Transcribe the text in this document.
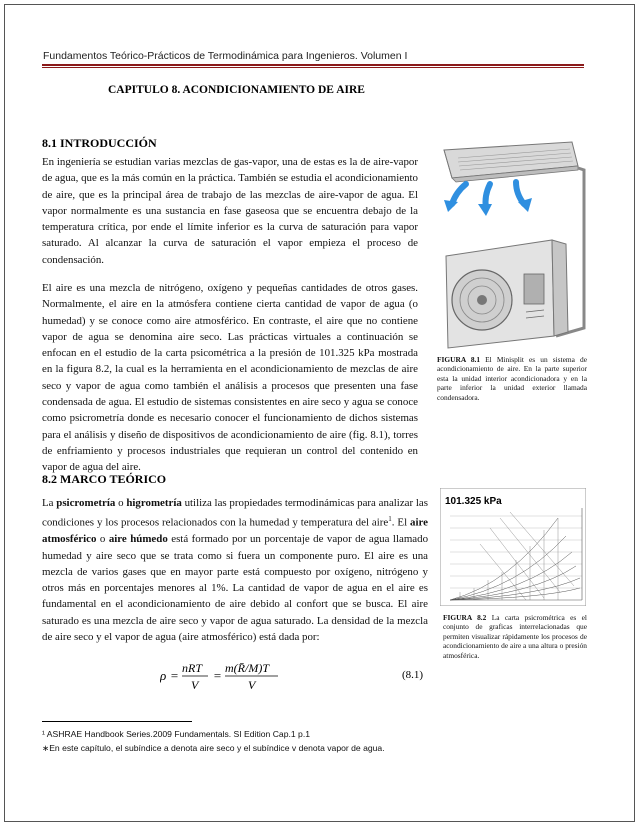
Fundamentos Teórico-Prácticos de Termodinámica para Ingenieros. Volumen I
CAPITULO 8. ACONDICIONAMIENTO DE AIRE
8.1 INTRODUCCIÓN

En ingeniería se estudian varias mezclas de gas-vapor, una de estas es la de aire-vapor de agua, que es la más común en la práctica. También se estudia el acondicionamiento de aire, que es la principal área de trabajo de las mezclas de aire-vapor de agua. El vapor normalmente es una sustancia en fase gaseosa que se encuentra debajo de la temperatura crítica, por ende el límite inferior es la curva de saturación para vapor saturado. Al alcanzar la curva de saturación el vapor empieza el proceso de condensación.

El aire es una mezcla de nitrógeno, oxígeno y pequeñas cantidades de otros gases. Normalmente, el aire en la atmósfera contiene cierta cantidad de vapor de agua (o humedad) y se conoce como aire atmosférico. En contraste, el aire que no contiene vapor de agua se denomina aire seco. Las prácticas virtuales a continuación se enfocan en el estudio de la carta psicométrica a la presión de 101.325 kPa mostrada en la figura 8.2, la cual es la herramienta en el acondicionamiento de mezclas de aire seco y vapor de agua como también el análisis a procesos que presenten una fase condensada de agua. El estudio de sistemas consistentes en aire seco y agua se conoce como psicrometría donde es necesario conocer el funcionamiento de dichos sistemas para el análisis y diseño de dispositivos de acondicionamiento de aire (fig. 8.1), torres de enfriamiento y procesos industriales que requieran un control del contenido en vapor de agua del aire.

FIGURA 8.1 El Minisplit es un sistema de acondicionamiento de aire. En la parte superior esta la unidad interior acondicionadora y en la parte inferior la unidad exterior llamada condensadora.

8.2 MARCO TEÓRICO

La psicrometría o higrometría utiliza las propiedades termodinámicas para analizar las condiciones y los procesos relacionados con la humedad y temperatura del aire$^1$. El aire atmosférico o aire húmedo está formado por un porcentaje de vapor de agua llamado humedad y aire seco que se trata como si fuera un componente puro. El aire es una mezcla de varios gases que en mayor parte está compuesto por oxígeno, nitrógeno y otros más en porcentajes menores al 1%. La cantidad de vapor de agua en el aire es fundamental en el acondicionamiento de aire debido al confort que se busca. El aire saturado es una mezcla de aire seco y vapor de agua saturado. La densidad de la mezcla de aire seco y el vapor de agua (aire atmosférico) está dada por:

101.325 kPa

FIGURA 8.2 La carta psicrométrica es el conjunto de graficas interrelacionadas que permiten visualizar rápidamente los procesos de acondicionamiento de aire a una altura o presión atmosférica.

ρ = nRT
V
= m(R̄/M)T
V
(8.1)
¹ ASHRAE Handbook Series.2009 Fundamentals. SI Edition Cap.1 p.1
∗En este capítulo, el subíndice a denota aire seco y el subíndice v denota vapor de agua.
